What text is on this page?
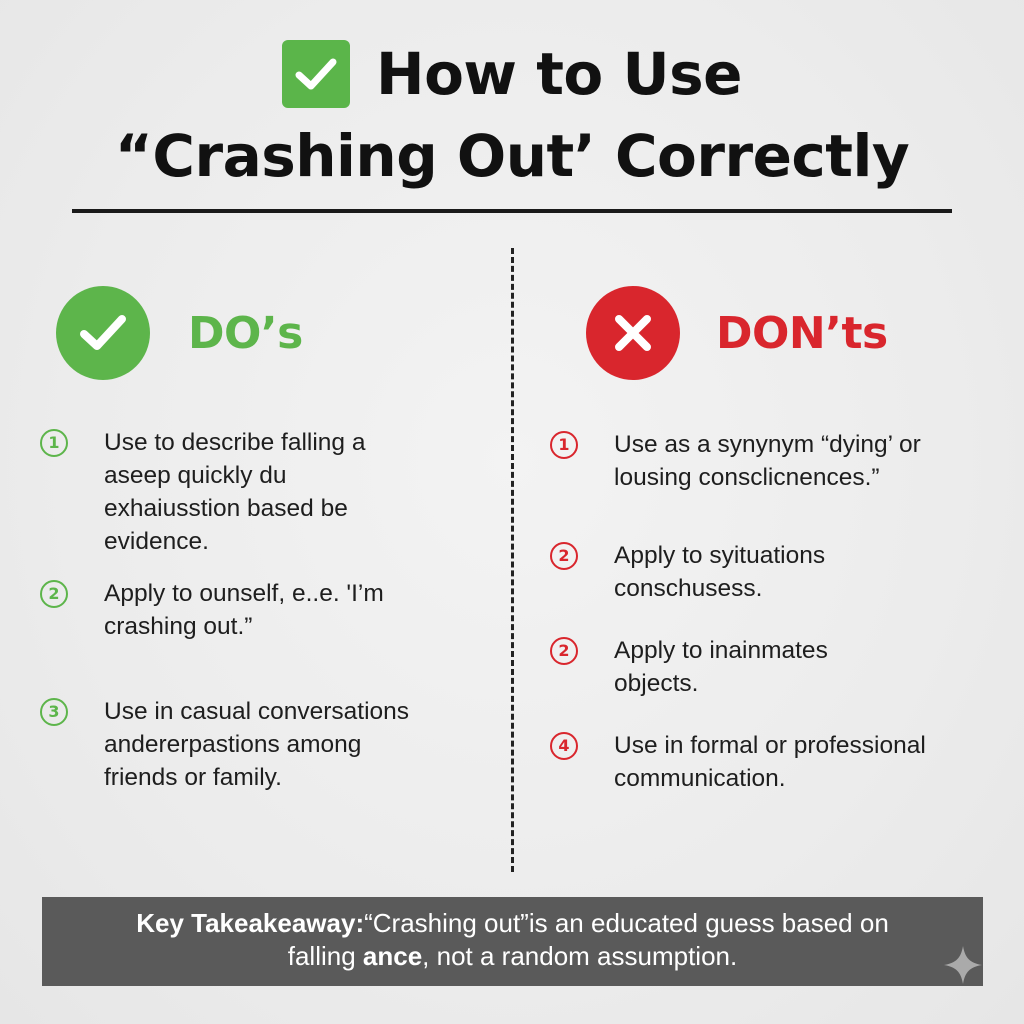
How to Use
“Crashing Out’ Correctly
DO’s	DON’ts
1	Use to describe falling a
aseep quickly du
exhaiusstion based be
evidence.
2	Apply to ounself, e..e. 'I’m
crashing out.”
3	Use in casual conversations
andererpastions among
friends or family.
1	Use as a synynym “dying’ or
lousing consclicnences.”
2	Apply to syituations
conschusess.
2	Apply to inainmates
objects.
4	Use in formal or professional
communication.
Key Takeakeaway:“Crashing out”is an educated guess based on
falling ance, not a random assumption.
